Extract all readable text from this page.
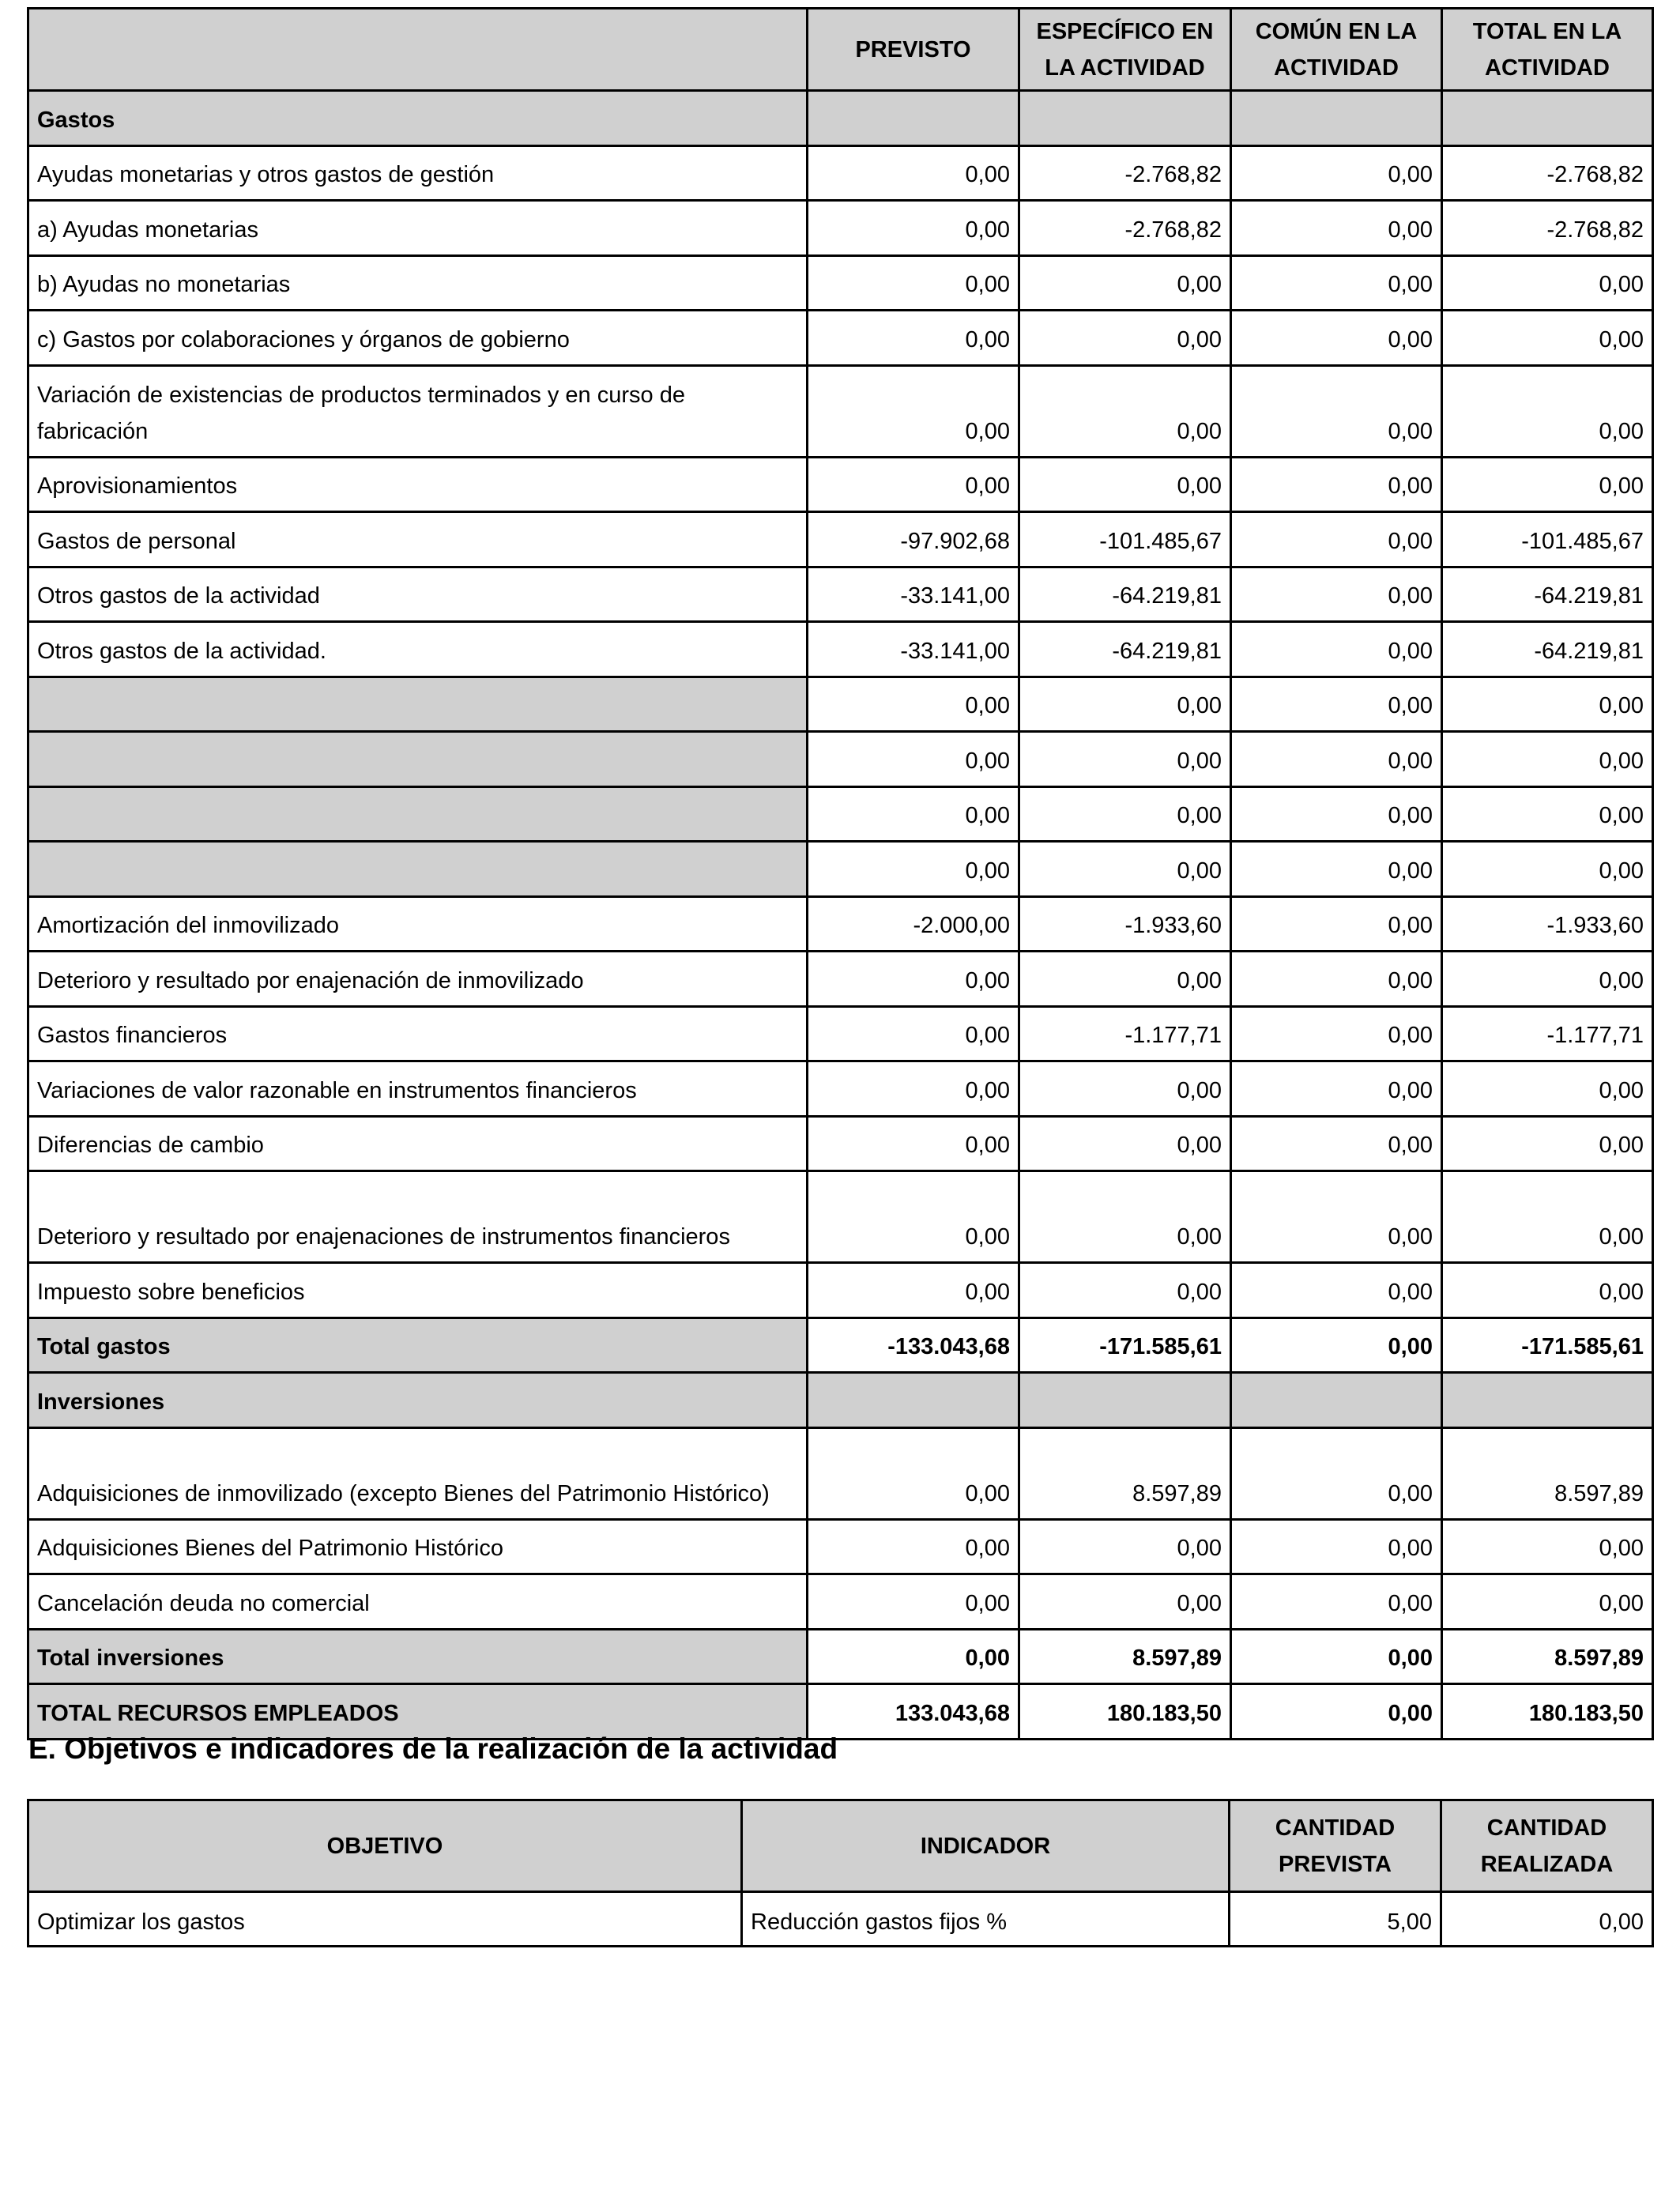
	PREVISTO	ESPECÍFICO EN LA ACTIVIDAD	COMÚN EN LA ACTIVIDAD	TOTAL EN LA ACTIVIDAD
Gastos				
Ayudas monetarias y otros gastos de gestión	0,00	-2.768,82	0,00	-2.768,82
a) Ayudas monetarias	0,00	-2.768,82	0,00	-2.768,82
b) Ayudas no monetarias	0,00	0,00	0,00	0,00
c) Gastos por colaboraciones y órganos de gobierno	0,00	0,00	0,00	0,00
Variación de existencias de productos terminados y en curso de fabricación	0,00	0,00	0,00	0,00
Aprovisionamientos	0,00	0,00	0,00	0,00
Gastos de personal	-97.902,68	-101.485,67	0,00	-101.485,67
Otros gastos de la actividad	-33.141,00	-64.219,81	0,00	-64.219,81
Otros gastos de la actividad.	-33.141,00	-64.219,81	0,00	-64.219,81
	0,00	0,00	0,00	0,00
	0,00	0,00	0,00	0,00
	0,00	0,00	0,00	0,00
	0,00	0,00	0,00	0,00
Amortización del inmovilizado	-2.000,00	-1.933,60	0,00	-1.933,60
Deterioro y resultado por enajenación de inmovilizado	0,00	0,00	0,00	0,00
Gastos financieros	0,00	-1.177,71	0,00	-1.177,71
Variaciones de valor razonable en instrumentos financieros	0,00	0,00	0,00	0,00
Diferencias de cambio	0,00	0,00	0,00	0,00
Deterioro y resultado por enajenaciones de instrumentos financieros	0,00	0,00	0,00	0,00
Impuesto sobre beneficios	0,00	0,00	0,00	0,00
Total gastos	-133.043,68	-171.585,61	0,00	-171.585,61
Inversiones				
Adquisiciones de inmovilizado (excepto Bienes del Patrimonio Histórico)	0,00	8.597,89	0,00	8.597,89
Adquisiciones Bienes del Patrimonio Histórico	0,00	0,00	0,00	0,00
Cancelación deuda no comercial	0,00	0,00	0,00	0,00
Total inversiones	0,00	8.597,89	0,00	8.597,89
TOTAL RECURSOS EMPLEADOS	133.043,68	180.183,50	0,00	180.183,50
E. Objetivos e indicadores de la realización de la actividad
OBJETIVO	INDICADOR	CANTIDAD PREVISTA	CANTIDAD REALIZADA
Optimizar los gastos	Reducción gastos fijos %	5,00	0,00
